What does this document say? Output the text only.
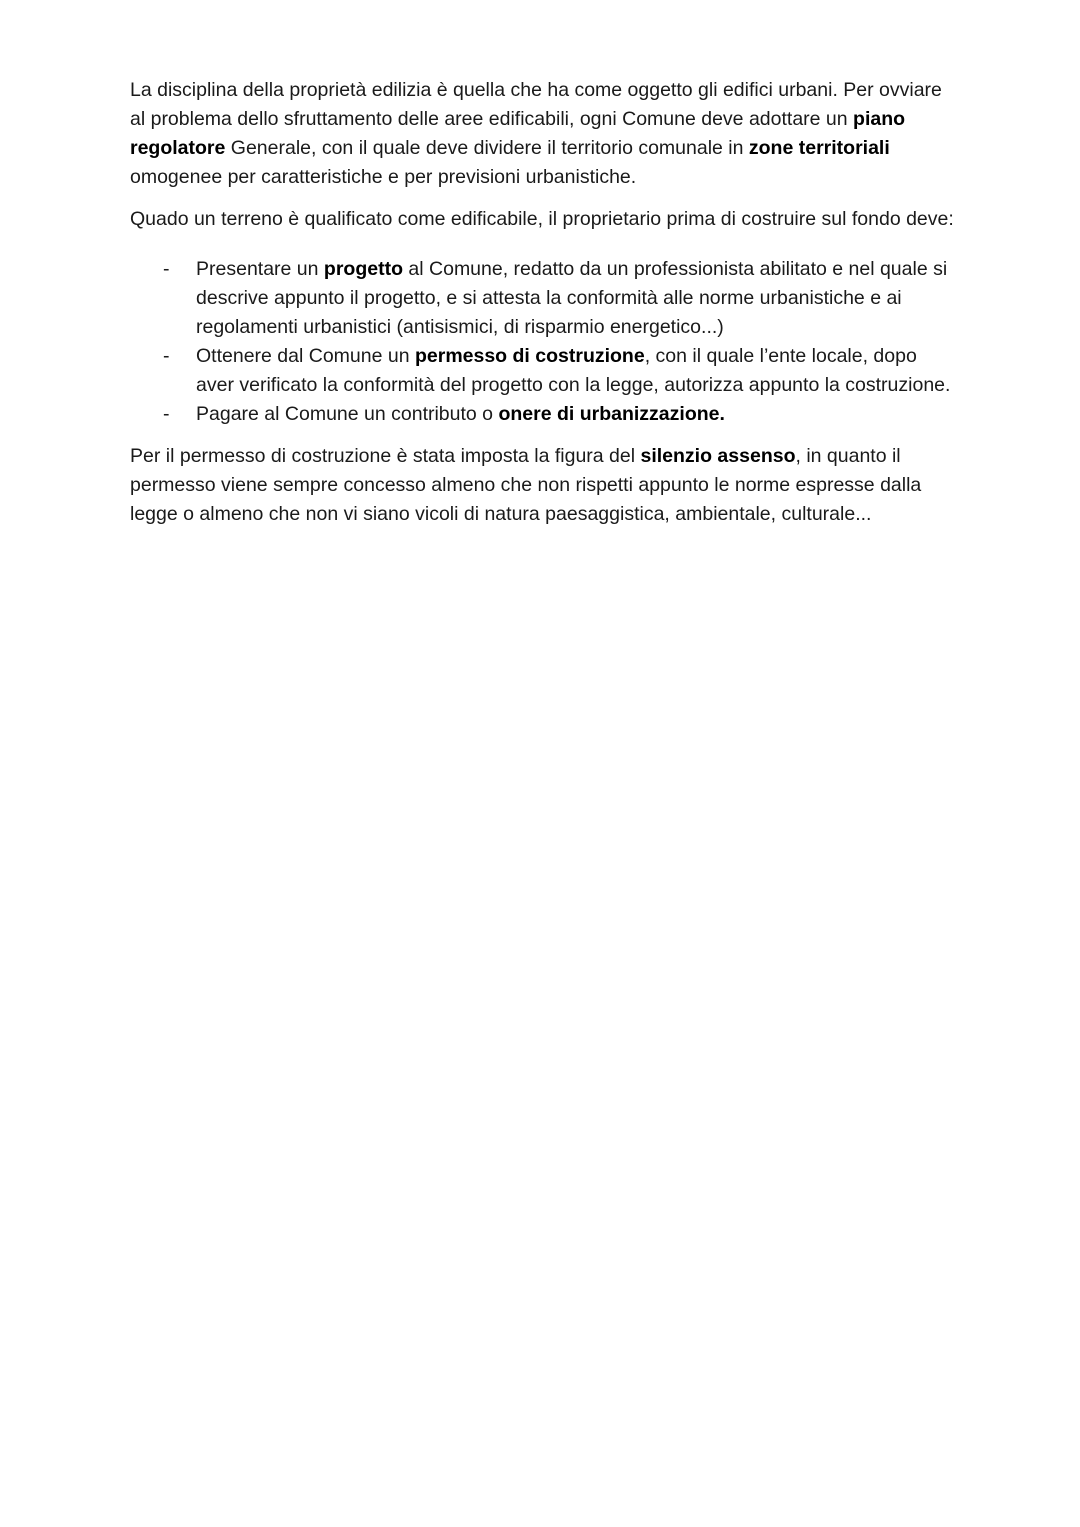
La disciplina della proprietà edilizia è quella che ha come oggetto gli edifici urbani. Per ovviare al problema dello sfruttamento delle aree edificabili, ogni Comune deve adottare un piano regolatore Generale, con il quale deve dividere il territorio comunale in zone territoriali omogenee per caratteristiche e per previsioni urbanistiche.

Quado un terreno è qualificato come edificabile, il proprietario prima di costruire sul fondo deve:

- Presentare un progetto al Comune, redatto da un professionista abilitato e nel quale si descrive appunto il progetto, e si attesta la conformità alle norme urbanistiche e ai regolamenti urbanistici (antisismici, di risparmio energetico...)
- Ottenere dal Comune un permesso di costruzione, con il quale l’ente locale, dopo aver verificato la conformità del progetto con la legge, autorizza appunto la costruzione.
- Pagare al Comune un contributo o onere di urbanizzazione.

Per il permesso di costruzione è stata imposta la figura del silenzio assenso, in quanto il permesso viene sempre concesso almeno che non rispetti appunto le norme espresse dalla legge o almeno che non vi siano vicoli di natura paesaggistica, ambientale, culturale...
